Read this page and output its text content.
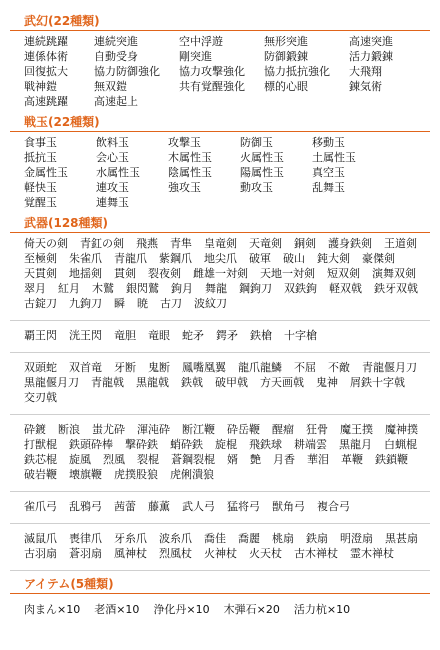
武幻(22種類)
連続跳躍	連続突進	空中浮遊	無形突進	高速突進
連係体術	自動受身	剛突進	防御鍛錬	活力鍛錬
回復拡大	協力防御強化	協力攻撃強化	協力抵抗強化	大飛翔
戦神鎧	無双鎧	共有覚醒強化	標的心眼	錬気術
高速跳躍	高速起上
戦玉(22種類)
食事玉	飲料玉	攻撃玉	防御玉	移動玉
抵抗玉	会心玉	木属性玉	火属性玉	土属性玉
金属性玉	水属性玉	陰属性玉	陽属性玉	真空玉
軽快玉	連攻玉	強攻玉	動攻玉	乱舞玉
覚醒玉	連舞玉
武器(128種類)
倚天の剣 青釭の剣 飛燕 青隼 皇竜剣 天竜剣 銅剣 護身鉄剣 王道剣
至極剣 朱雀爪 青龍爪 紫鋼爪 地尖爪 破軍 破山 鈍大剣 豪傑剣
天貫剣 地揺剣 貫剣 裂夜剣 雌雄一対剣 天地一対剣 短双剣 演舞双剣
翠月 紅月 木鷲 銀閃鷲 鉤月 舞龍 鋼鉤刀 双鉄鉤 軽双戟 鉄牙双戟
古錠刀 九鉤刀 瞬 暁 古刀 波紋刀
覇王閃 洸王閃 竜胆 竜眼 蛇矛 鍔矛 鉄槍 十字槍
双頭蛇 双首竜 牙断 鬼断 鳳嘴凰翼 龍爪龍鱗 不屈 不敵 青龍偃月刀
黒龍偃月刀 青龍戟 黒龍戟 鉄戟 破甲戟 方天画戟 鬼神 屑鉄十字戟
交刃戟
砕鍍 断浪 蚩尤砕 渾沌砕 断江鞭 砕岳鞭 醒瘤 狂骨 魔王撲 魔神撲
打獣棍 鉄頭砕棒 撃砕鉄 蛸砕鉄 旋棍 飛鉄球 耕端雲 黒龍月 白蝋棍
鉄芯棍 旋風 烈風 裂棍 蒼鋼裂棍 婿 艶 月香 華泪 革鞭 鉄鎖鞭
破岩鞭 壊旗鞭 虎撲股狼 虎俐潰狼
雀爪弓 乱鴉弓 茜蕾 藤薫 武人弓 猛将弓 獣角弓 複合弓
滅鼠爪 喪律爪 牙糸爪 波糸爪 喬佳 喬麗 桃扇 鉄扇 明澄扇 黒甚扇
古羽扇 蒼羽扇 風神杖 烈風杖 火神杖 火天杖 古木禅杖 霊木禅杖
アイテム(5種類)
肉まん×10 老酒×10 浄化丹×10 木弾石×20 活力杭×10
